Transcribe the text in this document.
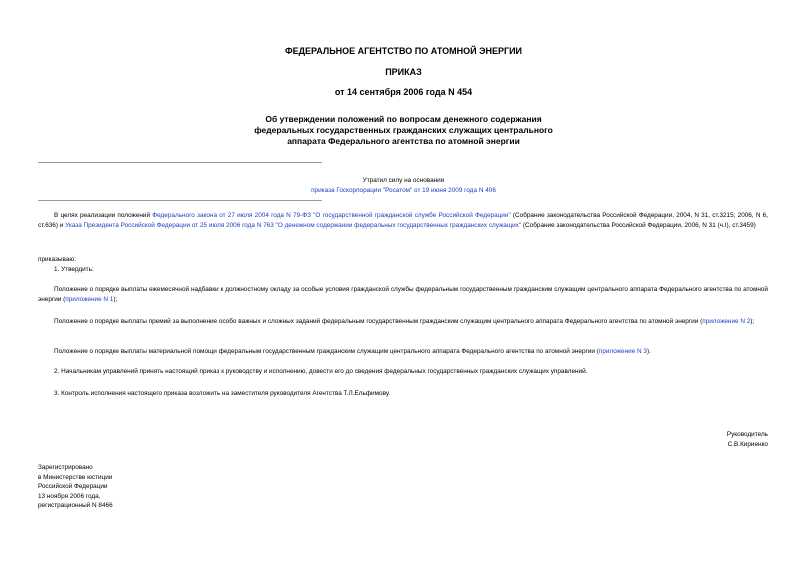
ФЕДЕРАЛЬНОЕ АГЕНТСТВО ПО АТОМНОЙ ЭНЕРГИИ
ПРИКАЗ
от 14 сентября 2006 года N 454
Об утверждении положений по вопросам денежного содержания
федеральных государственных гражданских служащих центрального
аппарата Федерального агентства по атомной энергии
Утратил силу на основании
приказа Госкорпорации "Росатом" от 19 июня 2009 года N 406
В целях реализации положений Федерального закона от 27 июля 2004 года N 79-ФЗ "О государственной гражданской службе Российской Федерации" (Собрание законодательства Российской Федерации, 2004, N 31, ст.3215; 2006, N 6, ст.636) и Указа Президента Российской Федерации от 25 июля 2006 года N 763 "О денежном содержании федеральных государственных гражданских служащих" (Собрание законодательства Российской Федерации, 2006, N 31 (ч.I), ст.3459)
приказываю:
1. Утвердить:
Положение о порядке выплаты ежемесячной надбавки к должностному окладу за особые условия гражданской службы федеральным государственным гражданским служащим центрального аппарата Федерального агентства по атомной энергии (приложение N 1);
Положение о порядке выплаты премий за выполнение особо важных и сложных заданий федеральным государственным гражданским служащим центрального аппарата Федерального агентства по атомной энергии (приложение N 2);
Положение о порядке выплаты материальной помощи федеральным государственным гражданским служащим центрального аппарата Федерального агентства по атомной энергии (приложение N 3).
2. Начальникам управлений принять настоящий приказ к руководству и исполнению, довести его до сведения федеральных государственных гражданских служащих управлений.
3. Контроль исполнения настоящего приказа возложить на заместителя руководителя Агентства Т.Л.Ельфимову.
Руководитель
С.В.Кириенко
Зарегистрировано
в Министерстве юстиции
Российской Федерации
13 ноября 2006 года,
регистрационный N 8466
